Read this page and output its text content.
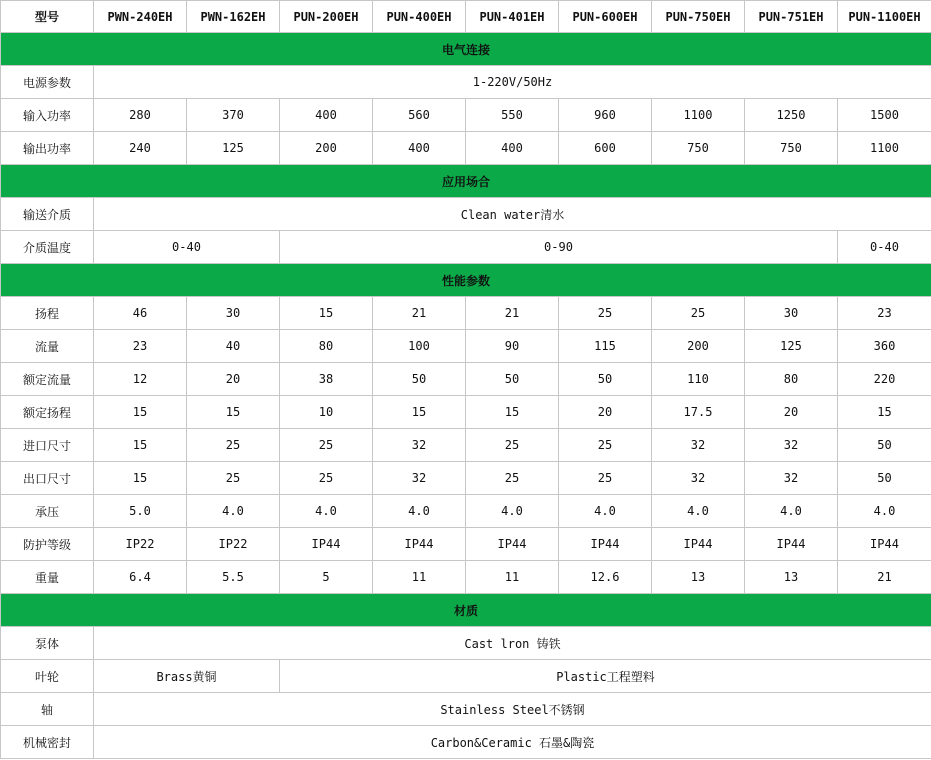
型号	PWN-240EH	PWN-162EH	PUN-200EH	PUN-400EH	PUN-401EH	PUN-600EH	PUN-750EH	PUN-751EH	PUN-1100EH
电气连接									
电源参数	1-220V/50Hz								
输入功率	280	370	400	560	550	960	1100	1250	1500
输出功率	240	125	200	400	400	600	750	750	1100
应用场合									
输送介质	Clean water清水								
介质温度	0-40		0-90						0-40
性能参数									
扬程	46	30	15	21	21	25	25	30	23
流量	23	40	80	100	90	115	200	125	360
额定流量	12	20	38	50	50	50	110	80	220
额定扬程	15	15	10	15	15	20	17.5	20	15
进口尺寸	15	25	25	32	25	25	32	32	50
出口尺寸	15	25	25	32	25	25	32	32	50
承压	5.0	4.0	4.0	4.0	4.0	4.0	4.0	4.0	4.0
防护等级	IP22	IP22	IP44	IP44	IP44	IP44	IP44	IP44	IP44
重量	6.4	5.5	5	11	11	12.6	13	13	21
材质									
泵体	Cast lron 铸铁								
叶轮	Brass黄铜		Plastic工程塑料						
轴	Stainless Steel不锈钢								
机械密封	Carbon&Ceramic 石墨&陶瓷								
